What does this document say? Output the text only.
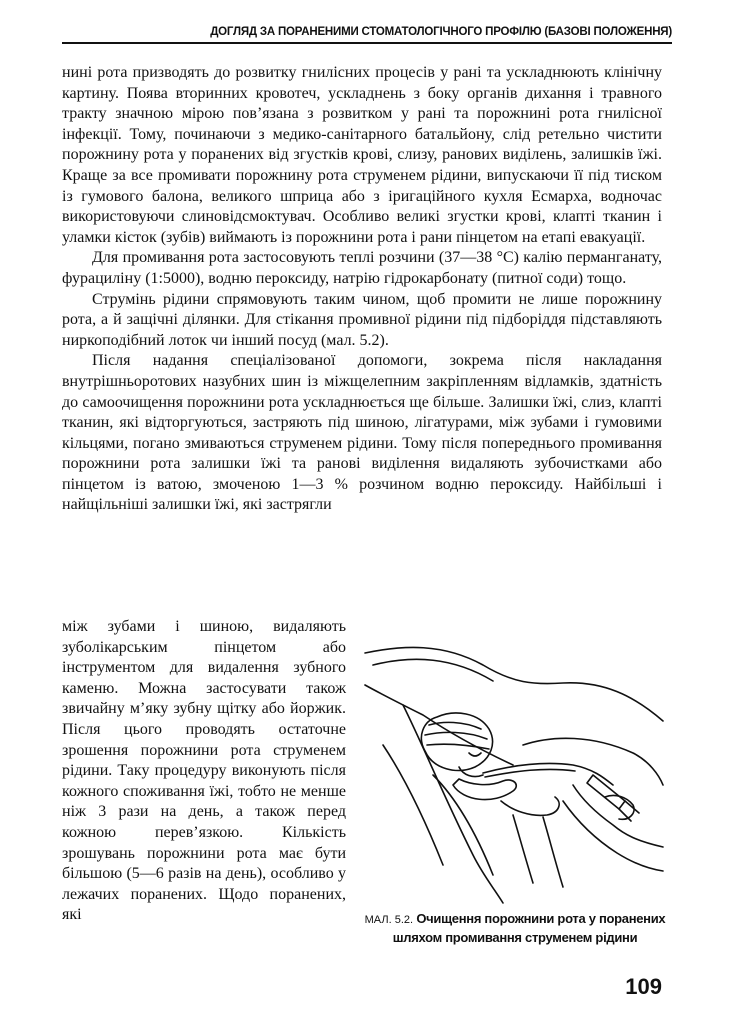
ДОГЛЯД ЗА ПОРАНЕНИМИ СТОМАТОЛОГІЧНОГО ПРОФІЛЮ (БАЗОВІ ПОЛОЖЕННЯ)

нині рота призводять до розвитку гнилісних процесів у рані та ускладнюють клінічну картину. Поява вторинних кровотеч, ускладнень з боку органів дихання і травного тракту значною мірою пов’язана з розвитком у рані та порожнині рота гнилісної інфекції. Тому, починаючи з медико-санітарного батальйону, слід ретельно чистити порожнину рота у поранених від згустків крові, слизу, ранових виділень, залишків їжі. Краще за все промивати порожнину рота струменем рідини, випускаючи її під тиском із гумового балона, великого шприца або з іригаційного кухля Есмарха, водночас використовуючи слиновідсмоктувач. Особливо великі згустки крові, клапті тканин і уламки кісток (зубів) виймають із порожнини рота і рани пінцетом на етапі евакуації.

Для промивання рота застосовують теплі розчини (37—38 °С) калію перманганату, фурациліну (1:5000), водню пероксиду, натрію гідрокарбонату (питної соди) тощо.

Струмінь рідини спрямовують таким чином, щоб промити не лише порожнину рота, а й защічні ділянки. Для стікання промивної рідини під підборіддя підставляють ниркоподібний лоток чи інший посуд (мал. 5.2).

Після надання спеціалізованої допомоги, зокрема після накладання внутрішньоротових назубних шин із міжщелепним закріпленням відламків, здатність до самоочищення порожнини рота ускладнюється ще більше. Залишки їжі, слиз, клапті тканин, які відторгуються, застряють під шиною, лігатурами, між зубами і гумовими кільцями, погано змиваються струменем рідини. Тому після попереднього промивання порожнини рота залишки їжі та ранові виділення видаляють зубочистками або пінцетом із ватою, змоченою 1—3 % розчином водню пероксиду. Найбільші і найщільніші залишки їжі, які застрягли

між зубами і шиною, видаляють зуболікарським пінцетом або інструментом для видалення зубного каменю. Можна застосувати також звичайну м’яку зубну щітку або йоржик. Після цього проводять остаточне зрошення порожнини рота струменем рідини. Таку процедуру виконують після кожного споживання їжі, тобто не менше ніж 3 рази на день, а також перед кожною перев’язкою. Кількість зрошувань порожнини рота має бути більшою (5—6 разів на день), особливо у лежачих поранених. Щодо поранених, які	МАЛ. 5.2. Очищення порожнини рота у поранених шляхом промивання струменем рідини
109
